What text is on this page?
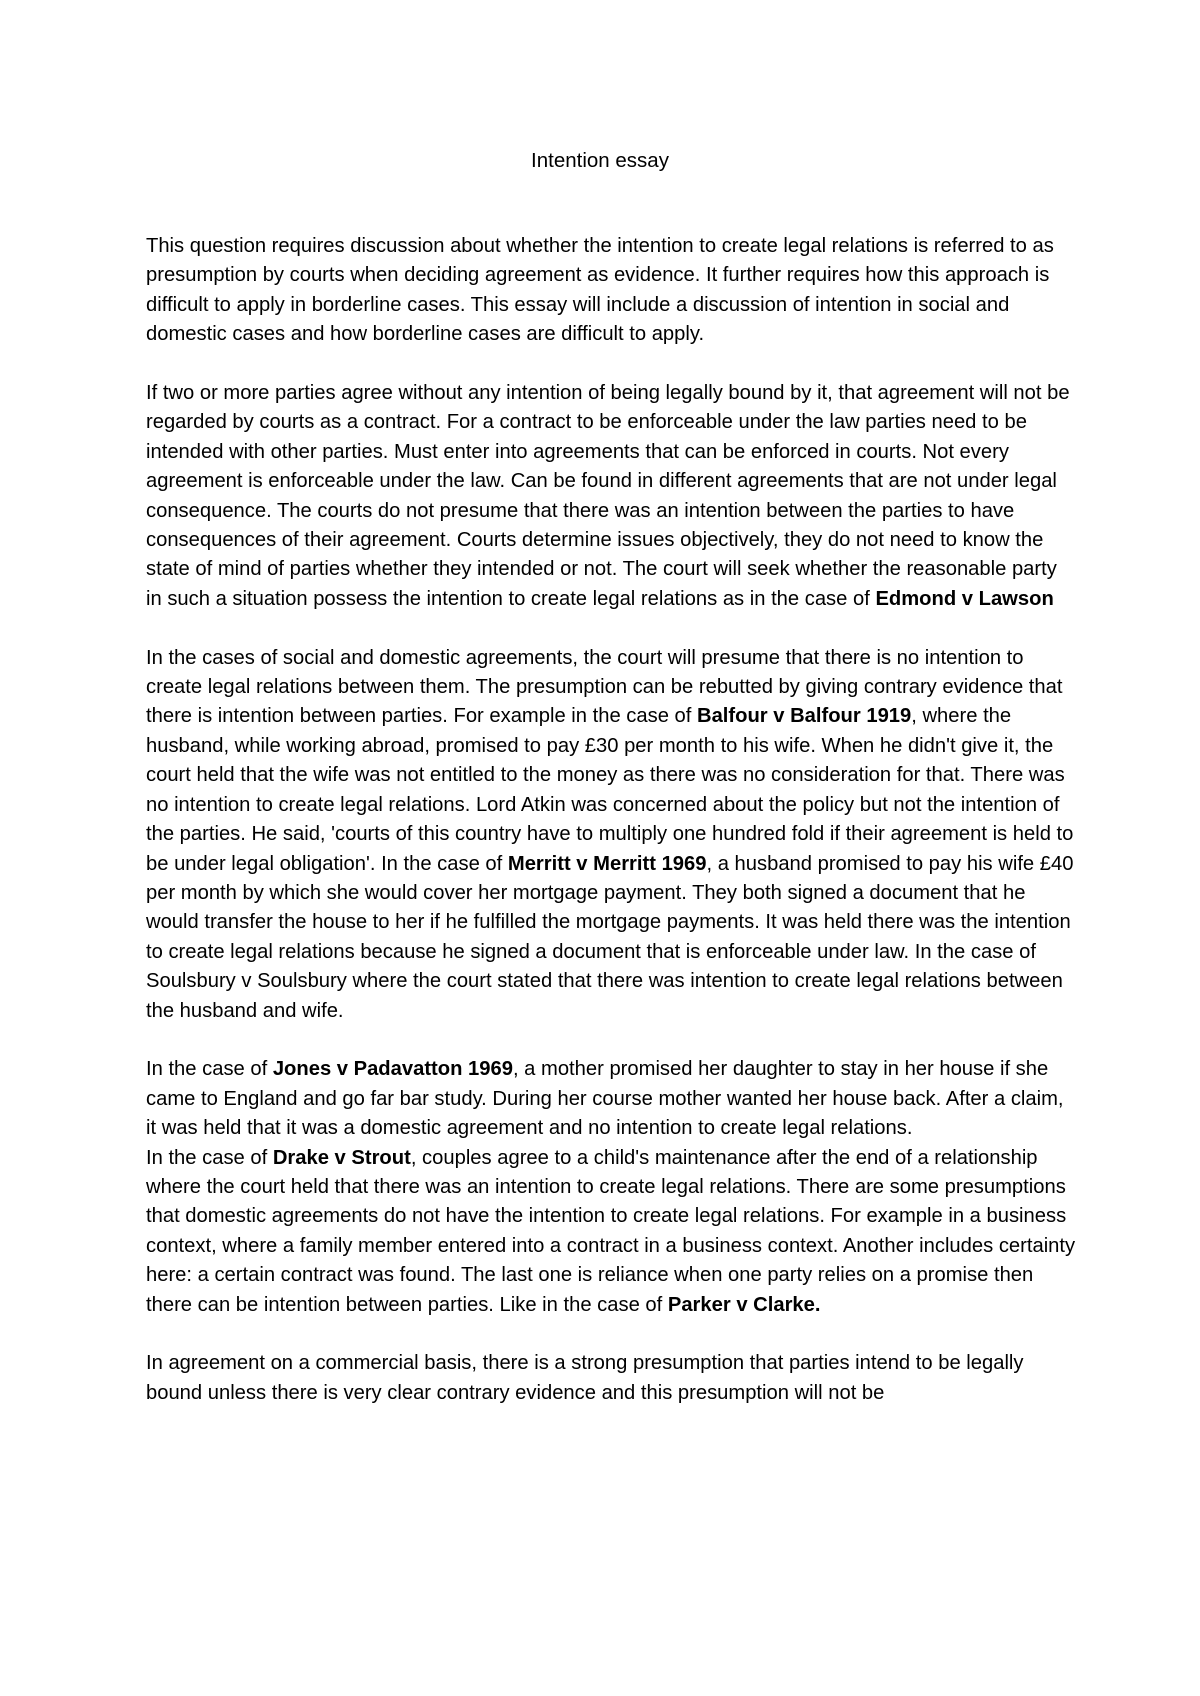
Intention essay

This question requires discussion about whether the intention to create legal relations is referred to as presumption by courts when deciding agreement as evidence. It further requires how this approach is difficult to apply in borderline cases. This essay will include a discussion of intention in social and domestic cases and how borderline cases are difficult to apply.

If two or more parties agree without any intention of being legally bound by it, that agreement will not be regarded by courts as a contract. For a contract to be enforceable under the law parties need to be intended with other parties. Must enter into agreements that can be enforced in courts. Not every agreement is enforceable under the law. Can be found in different agreements that are not under legal consequence. The courts do not presume that there was an intention between the parties to have consequences of their agreement. Courts determine issues objectively, they do not need to know the state of mind of parties whether they intended or not. The court will seek whether the reasonable party in such a situation possess the intention to create legal relations as in the case of Edmond v Lawson

In the cases of social and domestic agreements, the court will presume that there is no intention to create legal relations between them. The presumption can be rebutted by giving contrary evidence that there is intention between parties. For example in the case of Balfour v Balfour 1919, where the husband, while working abroad, promised to pay £30 per month to his wife. When he didn't give it, the court held that the wife was not entitled to the money as there was no consideration for that. There was no intention to create legal relations. Lord Atkin was concerned about the policy but not the intention of the parties. He said, 'courts of this country have to multiply one hundred fold if their agreement is held to be under legal obligation'. In the case of Merritt v Merritt 1969, a husband promised to pay his wife £40 per month by which she would cover her mortgage payment. They both signed a document that he would transfer the house to her if he fulfilled the mortgage payments. It was held there was the intention to create legal relations because he signed a document that is enforceable under law. In the case of Soulsbury v Soulsbury where the court stated that there was intention to create legal relations between the husband and wife.

In the case of Jones v Padavatton 1969, a mother promised her daughter to stay in her house if she came to England and go far bar study. During her course mother wanted her house back. After a claim, it was held that it was a domestic agreement and no intention to create legal relations.

In the case of Drake v Strout, couples agree to a child's maintenance after the end of a relationship where the court held that there was an intention to create legal relations. There are some presumptions that domestic agreements do not have the intention to create legal relations. For example in a business context, where a family member entered into a contract in a business context. Another includes certainty here: a certain contract was found. The last one is reliance when one party relies on a promise then there can be intention between parties. Like in the case of Parker v Clarke.

In agreement on a commercial basis, there is a strong presumption that parties intend to be legally bound unless there is very clear contrary evidence and this presumption will not be
